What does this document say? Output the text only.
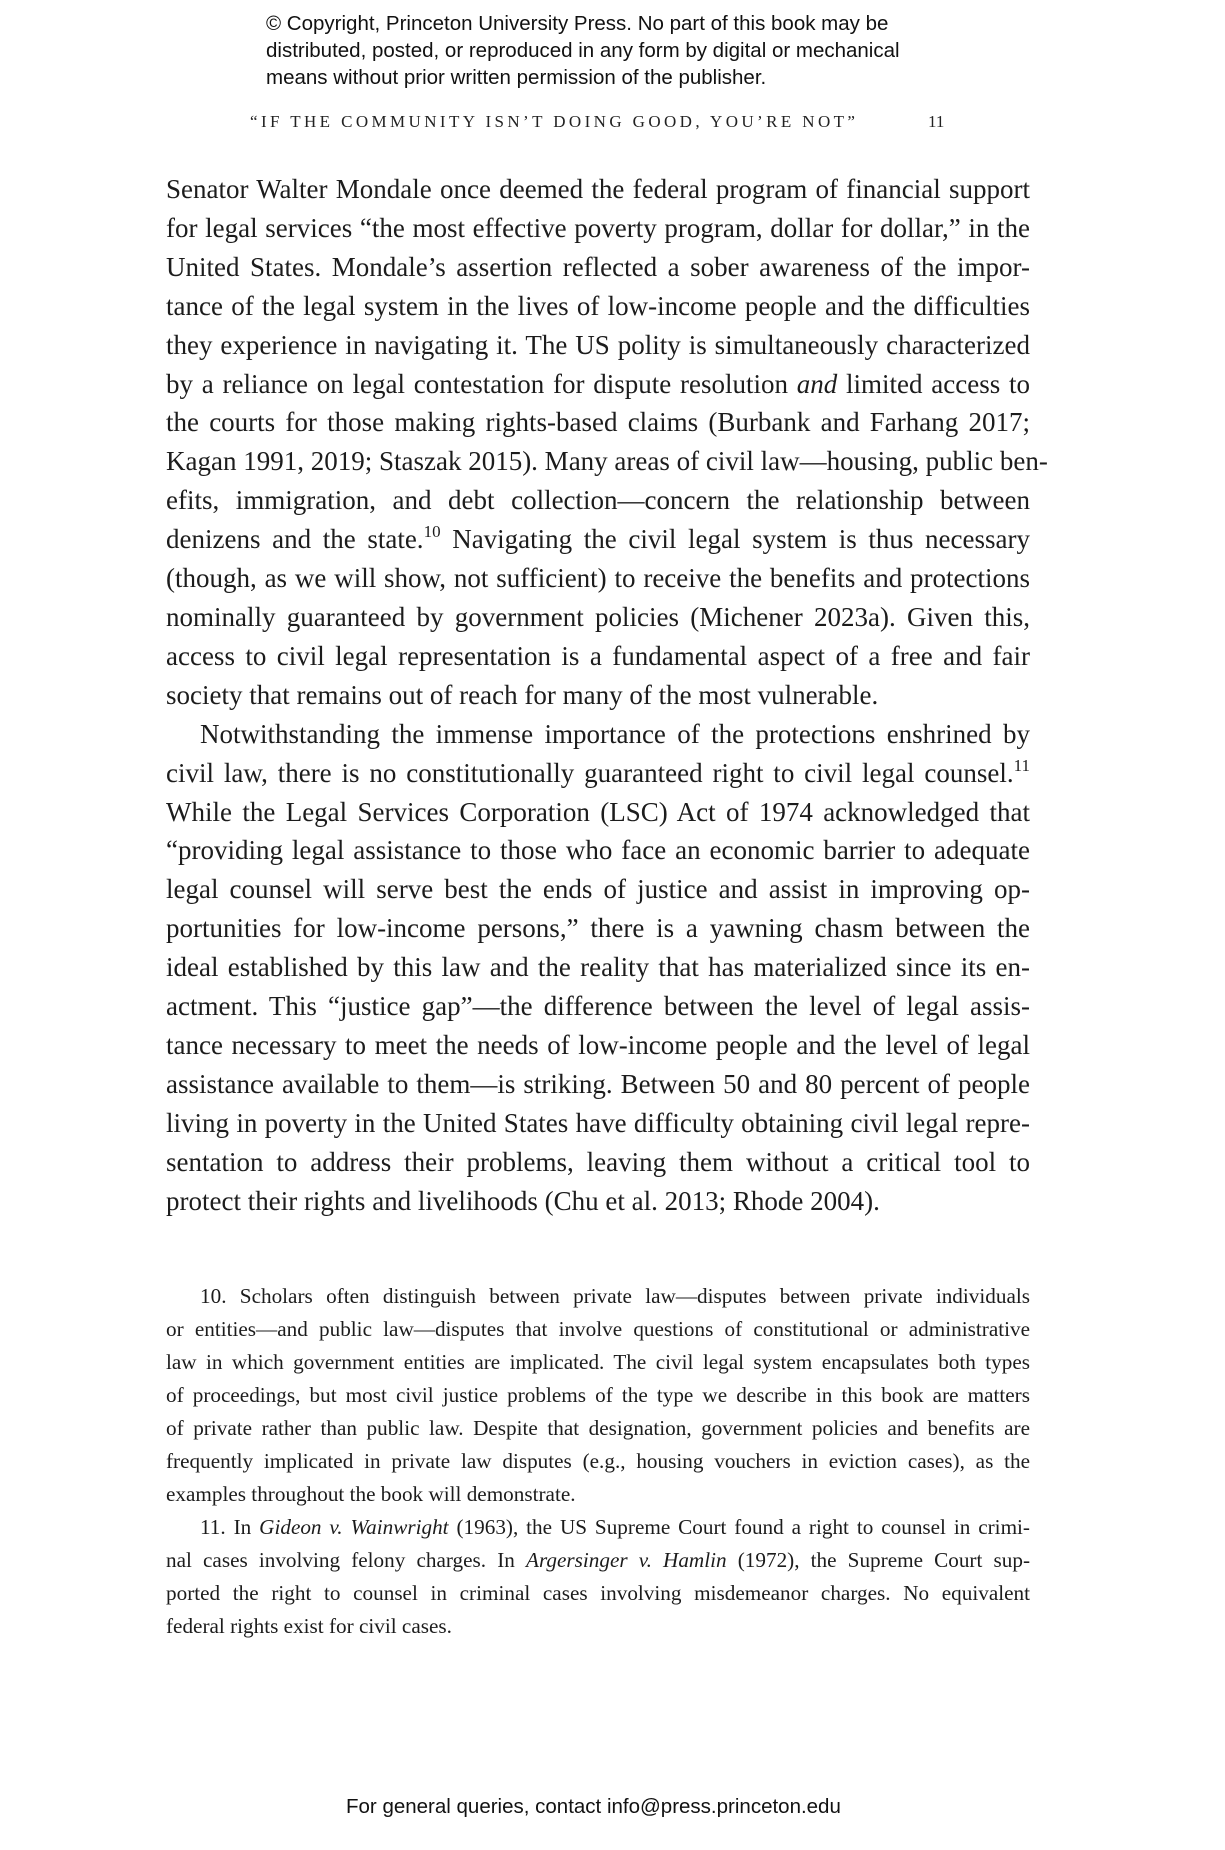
© Copyright, Princeton University Press. No part of this book may be
distributed, posted, or reproduced in any form by digital or mechanical
means without prior written permission of the publisher.
“IF THE COMMUNITY ISN’T DOING GOOD, YOU’RE NOT”	11
Senator Walter Mondale once deemed the federal program of financial support
for legal services “the most effective poverty program, dollar for dollar,” in the
United States. Mondale’s assertion reflected a sober awareness of the impor-
tance of the legal system in the lives of low-income people and the difficulties
they experience in navigating it. The US polity is simultaneously characterized
by a reliance on legal contestation for dispute resolution and limited access to
the courts for those making rights-based claims (Burbank and Farhang 2017;
Kagan 1991, 2019; Staszak 2015). Many areas of civil law—housing, public ben-
efits, immigration, and debt collection—concern the relationship between
denizens and the state.$^{10}$ Navigating the civil legal system is thus necessary
(though, as we will show, not sufficient) to receive the benefits and protections
nominally guaranteed by government policies (Michener 2023a). Given this,
access to civil legal representation is a fundamental aspect of a free and fair
society that remains out of reach for many of the most vulnerable.
Notwithstanding the immense importance of the protections enshrined by
civil law, there is no constitutionally guaranteed right to civil legal counsel.$^{11}$
While the Legal Services Corporation (LSC) Act of 1974 acknowledged that
“providing legal assistance to those who face an economic barrier to adequate
legal counsel will serve best the ends of justice and assist in improving op-
portunities for low-income persons,” there is a yawning chasm between the
ideal established by this law and the reality that has materialized since its en-
actment. This “justice gap”—the difference between the level of legal assis-
tance necessary to meet the needs of low-income people and the level of legal
assistance available to them—is striking. Between 50 and 80 percent of people
living in poverty in the United States have difficulty obtaining civil legal repre-
sentation to address their problems, leaving them without a critical tool to
protect their rights and livelihoods (Chu et al. 2013; Rhode 2004).
10. Scholars often distinguish between private law—disputes between private individuals
or entities—and public law—disputes that involve questions of constitutional or administrative
law in which government entities are implicated. The civil legal system encapsulates both types
of proceedings, but most civil justice problems of the type we describe in this book are matters
of private rather than public law. Despite that designation, government policies and benefits are
frequently implicated in private law disputes (e.g., housing vouchers in eviction cases), as the
examples throughout the book will demonstrate.
11. In Gideon v. Wainwright (1963), the US Supreme Court found a right to counsel in crimi-
nal cases involving felony charges. In Argersinger v. Hamlin (1972), the Supreme Court sup-
ported the right to counsel in criminal cases involving misdemeanor charges. No equivalent
federal rights exist for civil cases.
For general queries, contact info@press.princeton.edu
